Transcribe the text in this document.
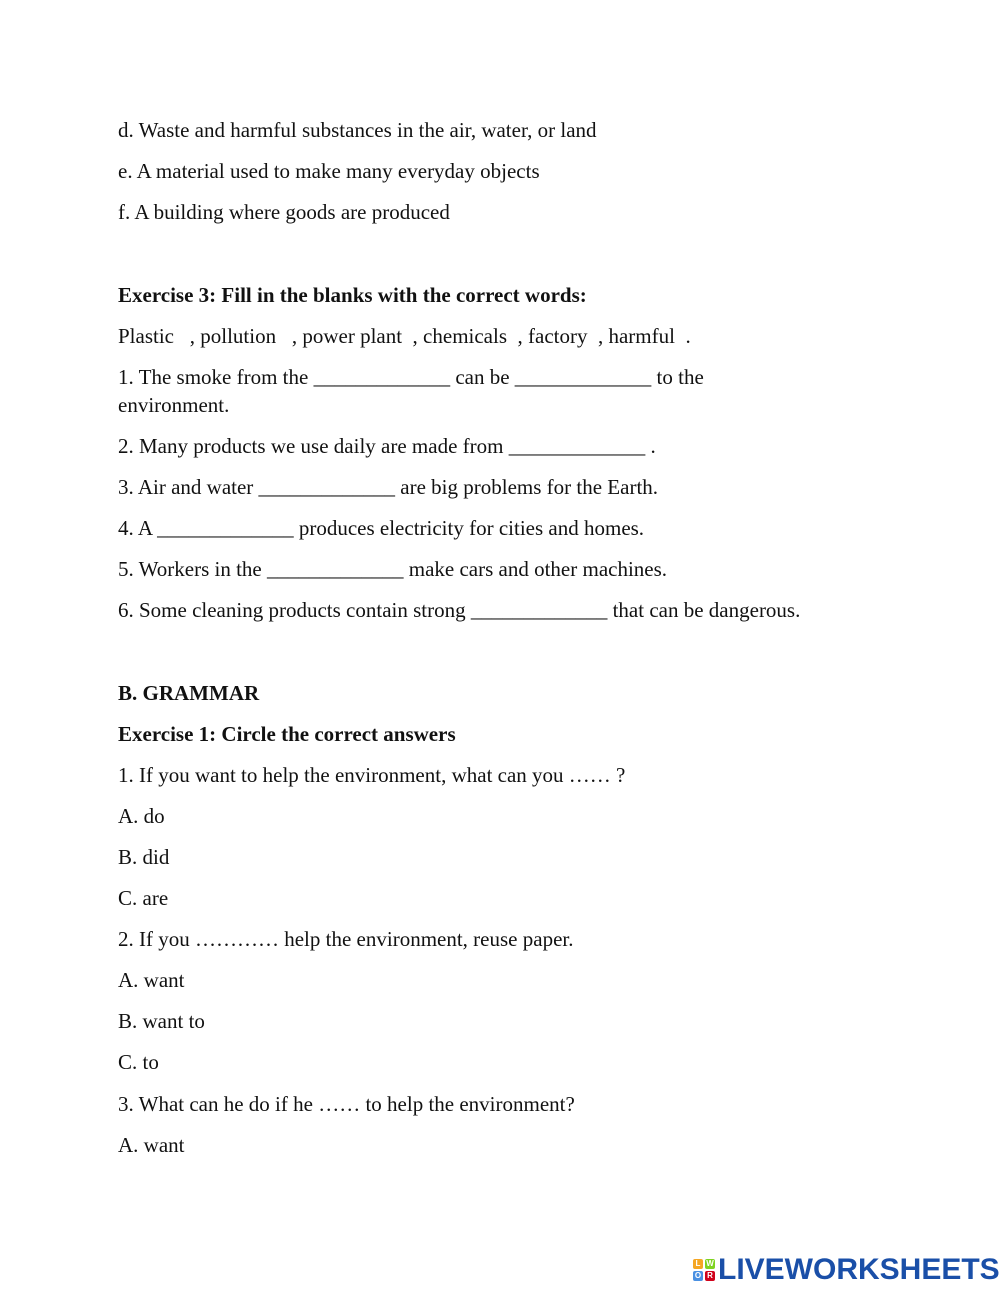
d. Waste and harmful substances in the air, water, or land
e. A material used to make many everyday objects
f. A building where goods are produced
Exercise 3: Fill in the blanks with the correct words:
Plastic   , pollution   , power plant  , chemicals  , factory  , harmful  .
1. The smoke from the _____________ can be _____________ to the
environment.
2. Many products we use daily are made from _____________ .
3. Air and water _____________ are big problems for the Earth.
4. A _____________ produces electricity for cities and homes.
5. Workers in the _____________ make cars and other machines.
6. Some cleaning products contain strong _____________ that can be dangerous.
B. GRAMMAR
Exercise 1: Circle the correct answers
1. If you want to help the environment, what can you …… ?
A. do
B. did
C. are
2. If you ………… help the environment, reuse paper.
A. want
B. want to
C. to
3. What can he do if he …… to help the environment?
A. want
L W
O R LIVEWORKSHEETS
